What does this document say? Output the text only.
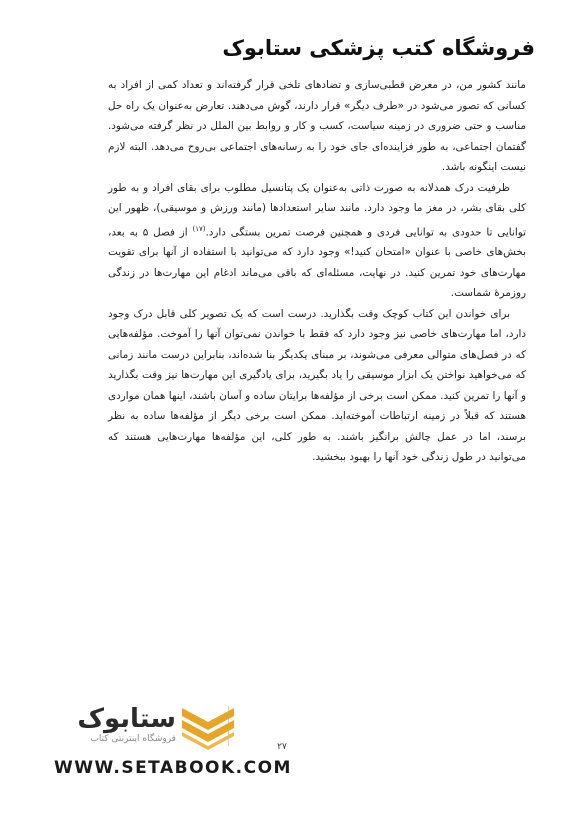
فروشگاه کتب پزشکی ستابوک

مانند کشور من، در معرض قطبی‌سازی و تضادهای تلخی قرار گرفته‌اند و تعداد کمی از افراد به کسانی که تصور می‌شود در «طرف دیگر» قرار دارند، گوش می‌دهند. تعارض به‌عنوان یک راه حل مناسب و حتی ضروری در زمینه سیاست، کسب و کار و روابط بین الملل در نظر گرفته می‌شود. گفتمان اجتماعی، به طور فزاینده‌ای جای خود را به رسانه‌های اجتماعی بی‌روح می‌دهد. البته لازم نیست اینگونه باشد.

ظرفیت درک همدلانه به صورت ذاتی به‌عنوان یک پتانسیل مطلوب برای بقای افراد و به طور کلی بقای بشر، در مغز ما وجود دارد. مانند سایر استعدادها (مانند ورزش و موسیقی)، ظهور این توانایی تا حدودی به توانایی فردی و همچنین فرصت تمرین بستگی دارد.$^{(۱۷)}$ از فصل ۵ به بعد، بخش‌های خاصی با عنوان «امتحان کنید!» وجود دارد که می‌توانید با استفاده از آنها برای تقویت مهارت‌های خود تمرین کنید. در نهایت، مسئله‌ای که باقی می‌ماند ادغام این مهارت‌ها در زندگی روزمرهٔ شماست.

برای خواندن این کتاب کوچک وقت بگذارید. درست است که یک تصویر کلی قابل درک وجود دارد، اما مهارت‌های خاصی نیز وجود دارد که فقط با خواندن نمی‌توان آنها را آموخت. مؤلفه‌هایی که در فصل‌های متوالی معرفی می‌شوند، بر مبنای یکدیگر بنا شده‌اند، بنابراین درست مانند زمانی که می‌خواهید نواختن یک ابزار موسیقی را یاد بگیرید، برای یادگیری این مهارت‌ها نیز وقت بگذارید و آنها را تمرین کنید. ممکن است برخی از مؤلفه‌ها برایتان ساده و آسان باشند، اینها همان مواردی هستند که قبلاً در زمینه ارتباطات آموخته‌اید. ممکن است برخی دیگر از مؤلفه‌ها ساده به نظر برسند، اما در عمل چالش برانگیز باشند. به طور کلی، این مؤلفه‌ها مهارت‌هایی هستند که می‌توانید در طول زندگی خود آنها را بهبود ببخشید.

۲۷
ستابوک
فروشگاه اینترنتی کتاب
WWW.SETABOOK.COM
